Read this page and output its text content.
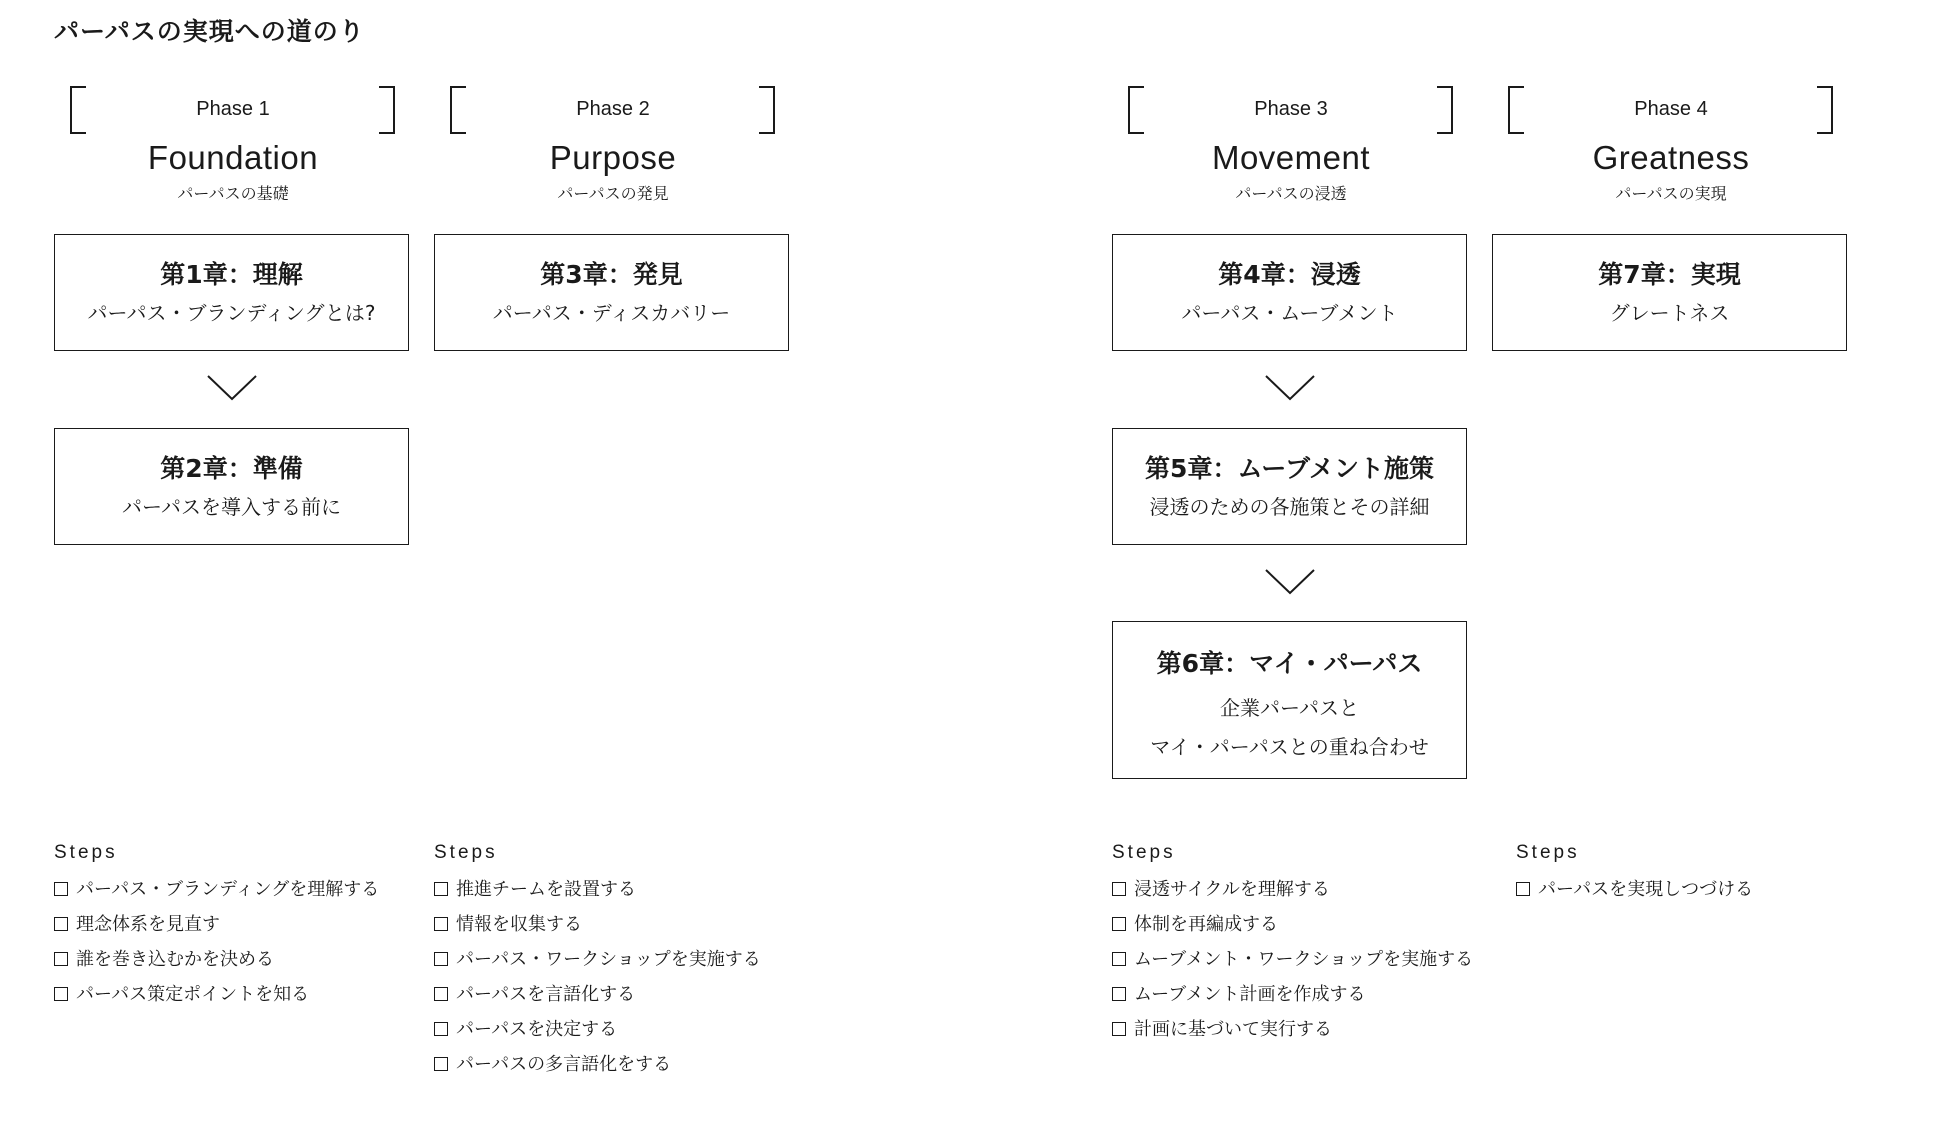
パーパスの実現への道のり
Phase 1
Foundation
パーパスの基礎
第1章：理解
パーパス・ブランディングとは?
第2章：準備
パーパスを導入する前に
Steps
パーパス・ブランディングを理解する
理念体系を見直す
誰を巻き込むかを決める
パーパス策定ポイントを知る
Phase 2
Purpose
パーパスの発見
第3章：発見
パーパス・ディスカバリー
Steps
推進チームを設置する
情報を収集する
パーパス・ワークショップを実施する
パーパスを言語化する
パーパスを決定する
パーパスの多言語化をする
Phase 3
Movement
パーパスの浸透
第4章：浸透
パーパス・ムーブメント
第5章：ムーブメント施策
浸透のための各施策とその詳細
第6章：マイ・パーパス
企業パーパスと
マイ・パーパスとの重ね合わせ
Steps
浸透サイクルを理解する
体制を再編成する
ムーブメント・ワークショップを実施する
ムーブメント計画を作成する
計画に基づいて実行する
Phase 4
Greatness
パーパスの実現
第7章：実現
グレートネス
Steps
パーパスを実現しつづける
